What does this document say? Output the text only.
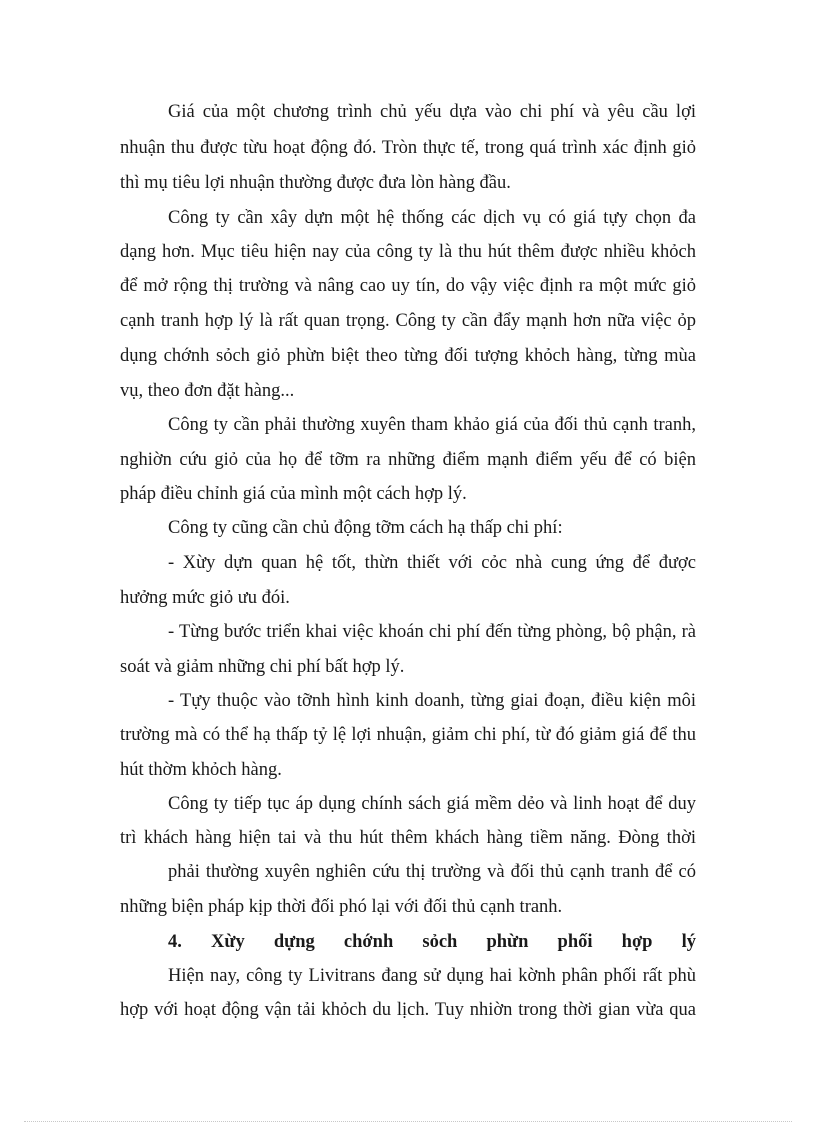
Giá của một chương trình chủ yếu dựa vào chi phí và yêu cầu lợi
nhuận thu được từu hoạt động đó. Tròn thực tế, trong quá trình xác định giỏ
thì mụ tiêu lợi nhuận thường được đưa lòn hàng đầu.
Công ty cần xây dựn một hệ thống các dịch vụ có giá tựy chọn đa
dạng hơn. Mục tiêu hiện nay của công ty là thu hút thêm được nhiều khỏch
để mở rộng thị trường và nâng cao uy tín, do vậy việc định ra một mức giỏ
cạnh tranh hợp lý là rất quan trọng. Công ty cần đẩy mạnh hơn nữa việc ỏp
dụng chớnh sỏch giỏ phừn biệt theo từng đối tượng khỏch hàng, từng mùa
vụ, theo đơn đặt hàng...
Công ty cần phải thường xuyên tham khảo giá của đối thủ cạnh tranh,
nghiờn cứu giỏ của họ để tỡm ra những điểm mạnh điểm yếu để có biện
pháp điều chỉnh giá của mình một cách hợp lý.
Công ty cũng cần chủ động tỡm cách hạ thấp chi phí:
- Xừy dựn quan hệ tốt, thừn thiết với cỏc nhà cung ứng để được
hưởng mức giỏ ưu đói.
- Từng bước triển khai việc khoán chi phí đến từng phòng, bộ phận, rà
soát và giảm những chi phí bất hợp lý.
- Tựy thuộc vào tỡnh hình kinh doanh, từng giai đoạn, điều kiện môi
trường mà có thể hạ thấp tỷ lệ lợi nhuận, giảm chi phí, từ đó giảm giá để thu
hút thờm khỏch hàng.
Công ty tiếp tục áp dụng chính sách giá mềm dẻo và linh hoạt để duy
trì khách hàng hiện tai và thu hút thêm khách hàng tiềm năng. Đòng thời
phải thường xuyên nghiên cứu thị trường và đối thủ cạnh tranh để có
những biện pháp kịp thời đối phó lại với đối thủ cạnh tranh.
4. Xừy dựng chớnh sỏch phừn phối hợp lý
Hiện nay, công ty Livitrans đang sử dụng hai kờnh phân phối rất phù
hợp với hoạt động vận tải khỏch du lịch. Tuy nhiờn trong thời gian vừa qua
